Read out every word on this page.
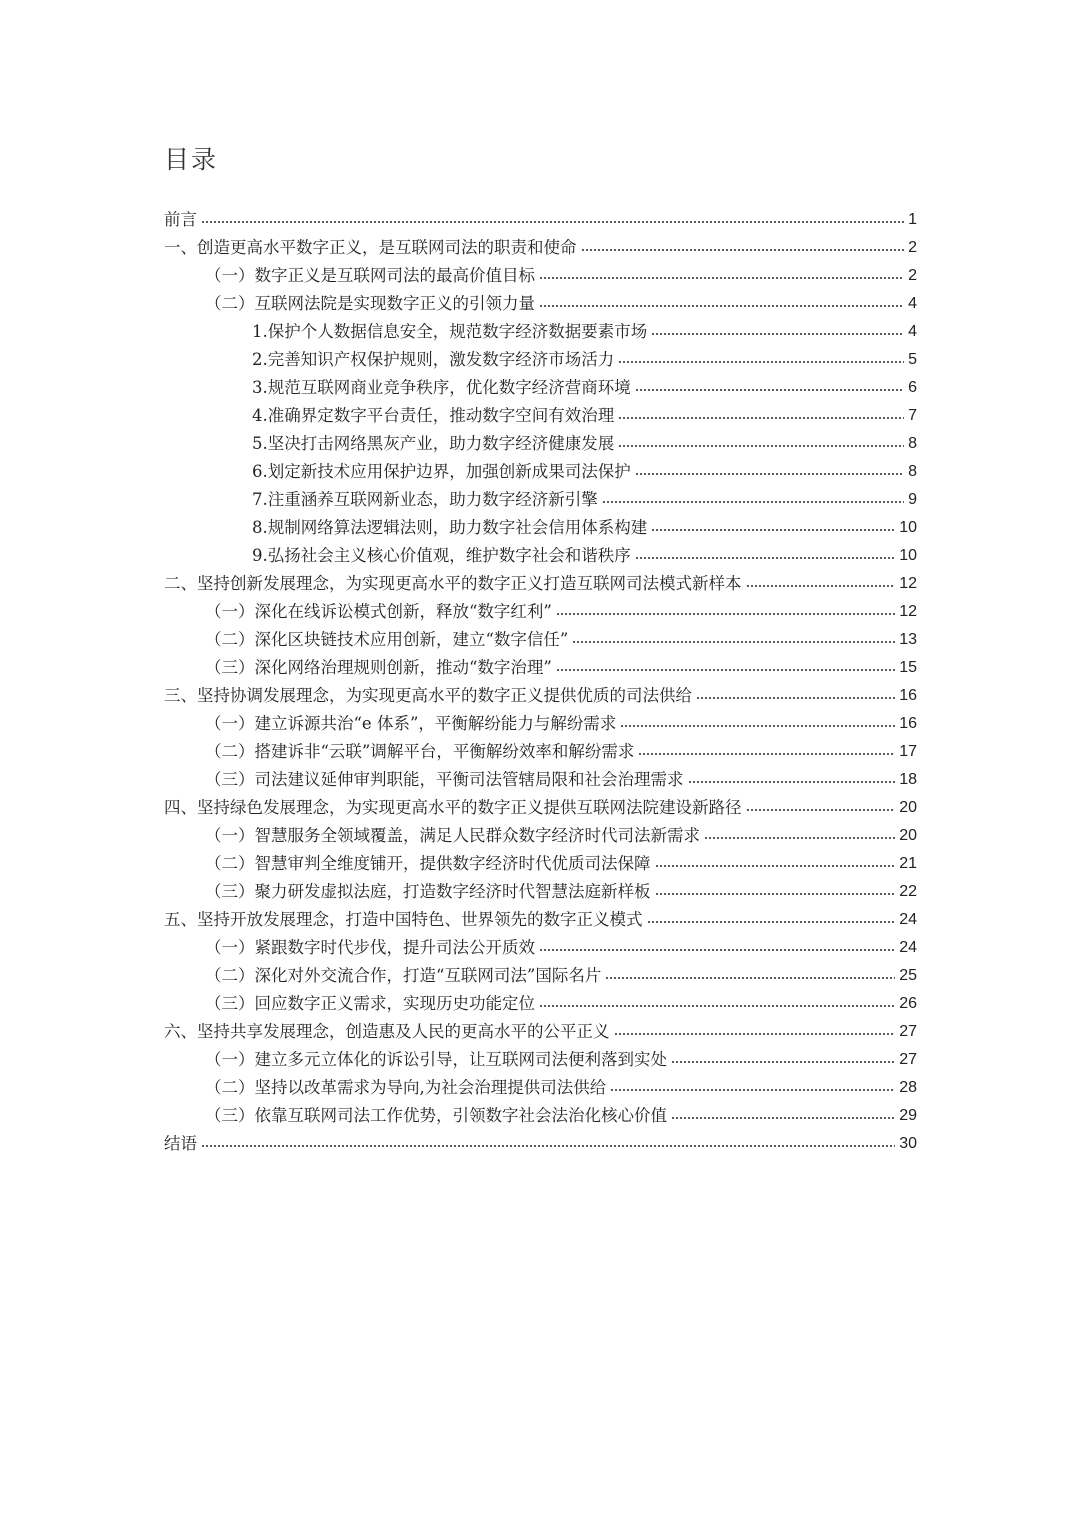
目录
前言	1
一、创造更高水平数字正义，是互联网司法的职责和使命	2
（一）数字正义是互联网司法的最高价值目标	2
（二）互联网法院是实现数字正义的引领力量	4
1.保护个人数据信息安全，规范数字经济数据要素市场	4
2.完善知识产权保护规则，激发数字经济市场活力	5
3.规范互联网商业竞争秩序，优化数字经济营商环境	6
4.准确界定数字平台责任，推动数字空间有效治理	7
5.坚决打击网络黑灰产业，助力数字经济健康发展	8
6.划定新技术应用保护边界，加强创新成果司法保护	8
7.注重涵养互联网新业态，助力数字经济新引擎	9
8.规制网络算法逻辑法则，助力数字社会信用体系构建	10
9.弘扬社会主义核心价值观，维护数字社会和谐秩序	10
二、坚持创新发展理念，为实现更高水平的数字正义打造互联网司法模式新样本	12
（一）深化在线诉讼模式创新，释放“数字红利”	12
（二）深化区块链技术应用创新，建立“数字信任”	13
（三）深化网络治理规则创新，推动“数字治理”	15
三、坚持协调发展理念，为实现更高水平的数字正义提供优质的司法供给	16
（一）建立诉源共治“e 体系”，平衡解纷能力与解纷需求	16
（二）搭建诉非“云联”调解平台，平衡解纷效率和解纷需求	17
（三）司法建议延伸审判职能，平衡司法管辖局限和社会治理需求	18
四、坚持绿色发展理念，为实现更高水平的数字正义提供互联网法院建设新路径	20
（一）智慧服务全领域覆盖，满足人民群众数字经济时代司法新需求	20
（二）智慧审判全维度铺开，提供数字经济时代优质司法保障	21
（三）聚力研发虚拟法庭，打造数字经济时代智慧法庭新样板	22
五、坚持开放发展理念，打造中国特色、世界领先的数字正义模式	24
（一）紧跟数字时代步伐，提升司法公开质效	24
（二）深化对外交流合作，打造“互联网司法”国际名片	25
（三）回应数字正义需求，实现历史功能定位	26
六、坚持共享发展理念，创造惠及人民的更高水平的公平正义	27
（一）建立多元立体化的诉讼引导，让互联网司法便利落到实处	27
（二）坚持以改革需求为导向,为社会治理提供司法供给	28
（三）依靠互联网司法工作优势，引领数字社会法治化核心价值	29
结语	30
